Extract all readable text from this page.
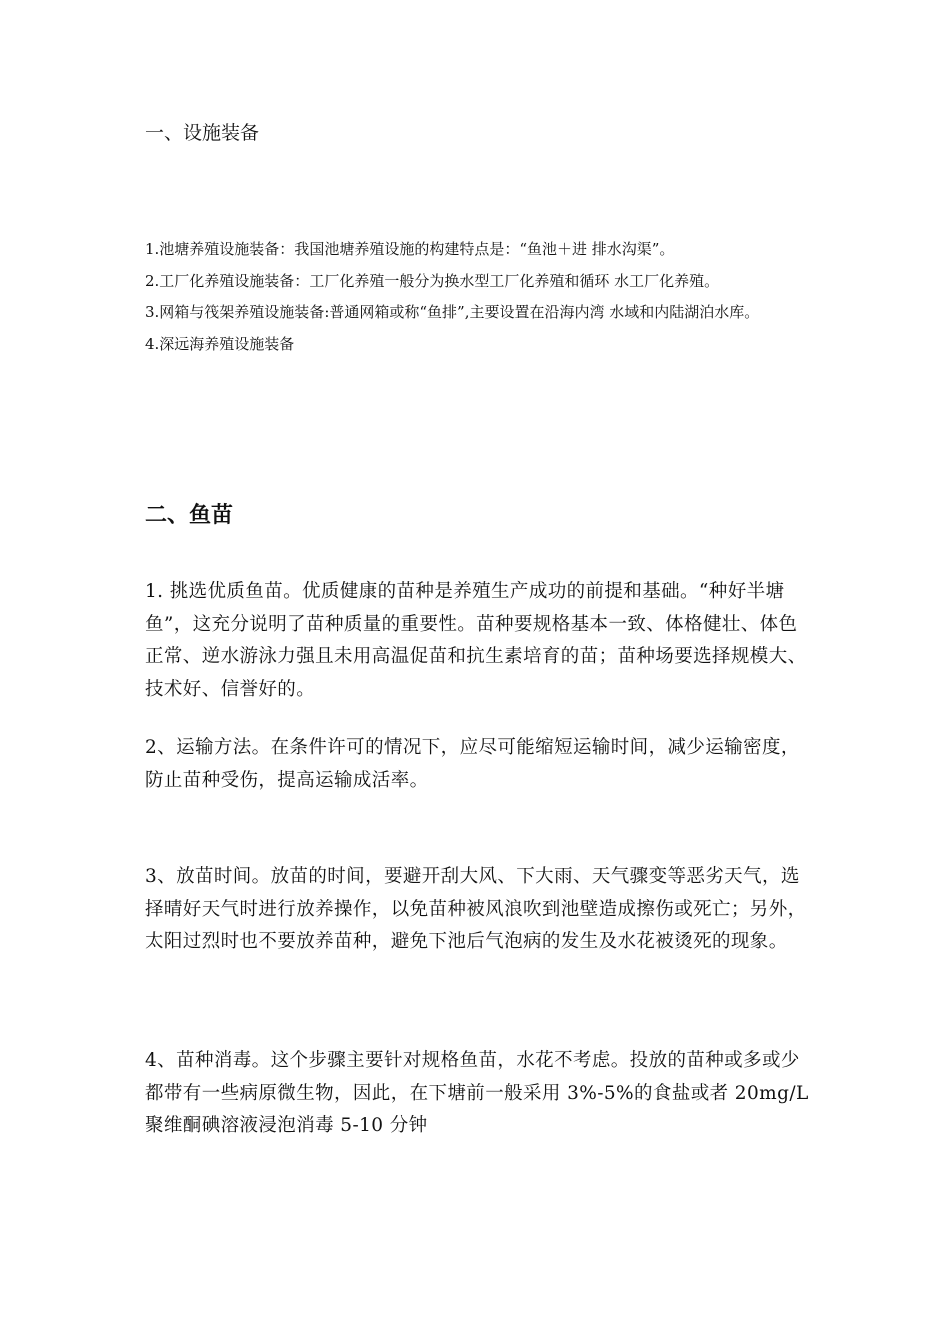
一、设施装备

1.池塘养殖设施装备：我国池塘养殖设施的构建特点是：“鱼池＋进 排水沟渠”。

2.工厂化养殖设施装备：工厂化养殖一般分为换水型工厂化养殖和循环 水工厂化养殖。

3.网箱与筏架养殖设施装备:普通网箱或称“鱼排”,主要设置在沿海内湾 水域和内陆湖泊水库。

4.深远海养殖设施装备

二、鱼苗

1. 挑选优质鱼苗。优质健康的苗种是养殖生产成功的前提和基础。“种好半塘鱼”，这充分说明了苗种质量的重要性。苗种要规格基本一致、体格健壮、体色正常、逆水游泳力强且未用高温促苗和抗生素培育的苗；苗种场要选择规模大、技术好、信誉好的。

2、运输方法。在条件许可的情况下，应尽可能缩短运输时间，减少运输密度，防止苗种受伤，提高运输成活率。

3、放苗时间。放苗的时间，要避开刮大风、下大雨、天气骤变等恶劣天气，选择晴好天气时进行放养操作，以免苗种被风浪吹到池壁造成擦伤或死亡；另外，太阳过烈时也不要放养苗种，避免下池后气泡病的发生及水花被烫死的现象。

4、苗种消毒。这个步骤主要针对规格鱼苗，水花不考虑。投放的苗种或多或少都带有一些病原微生物，因此，在下塘前一般采用 3%-5%的食盐或者 20mg/L 聚维酮碘溶液浸泡消毒 5-10 分钟
